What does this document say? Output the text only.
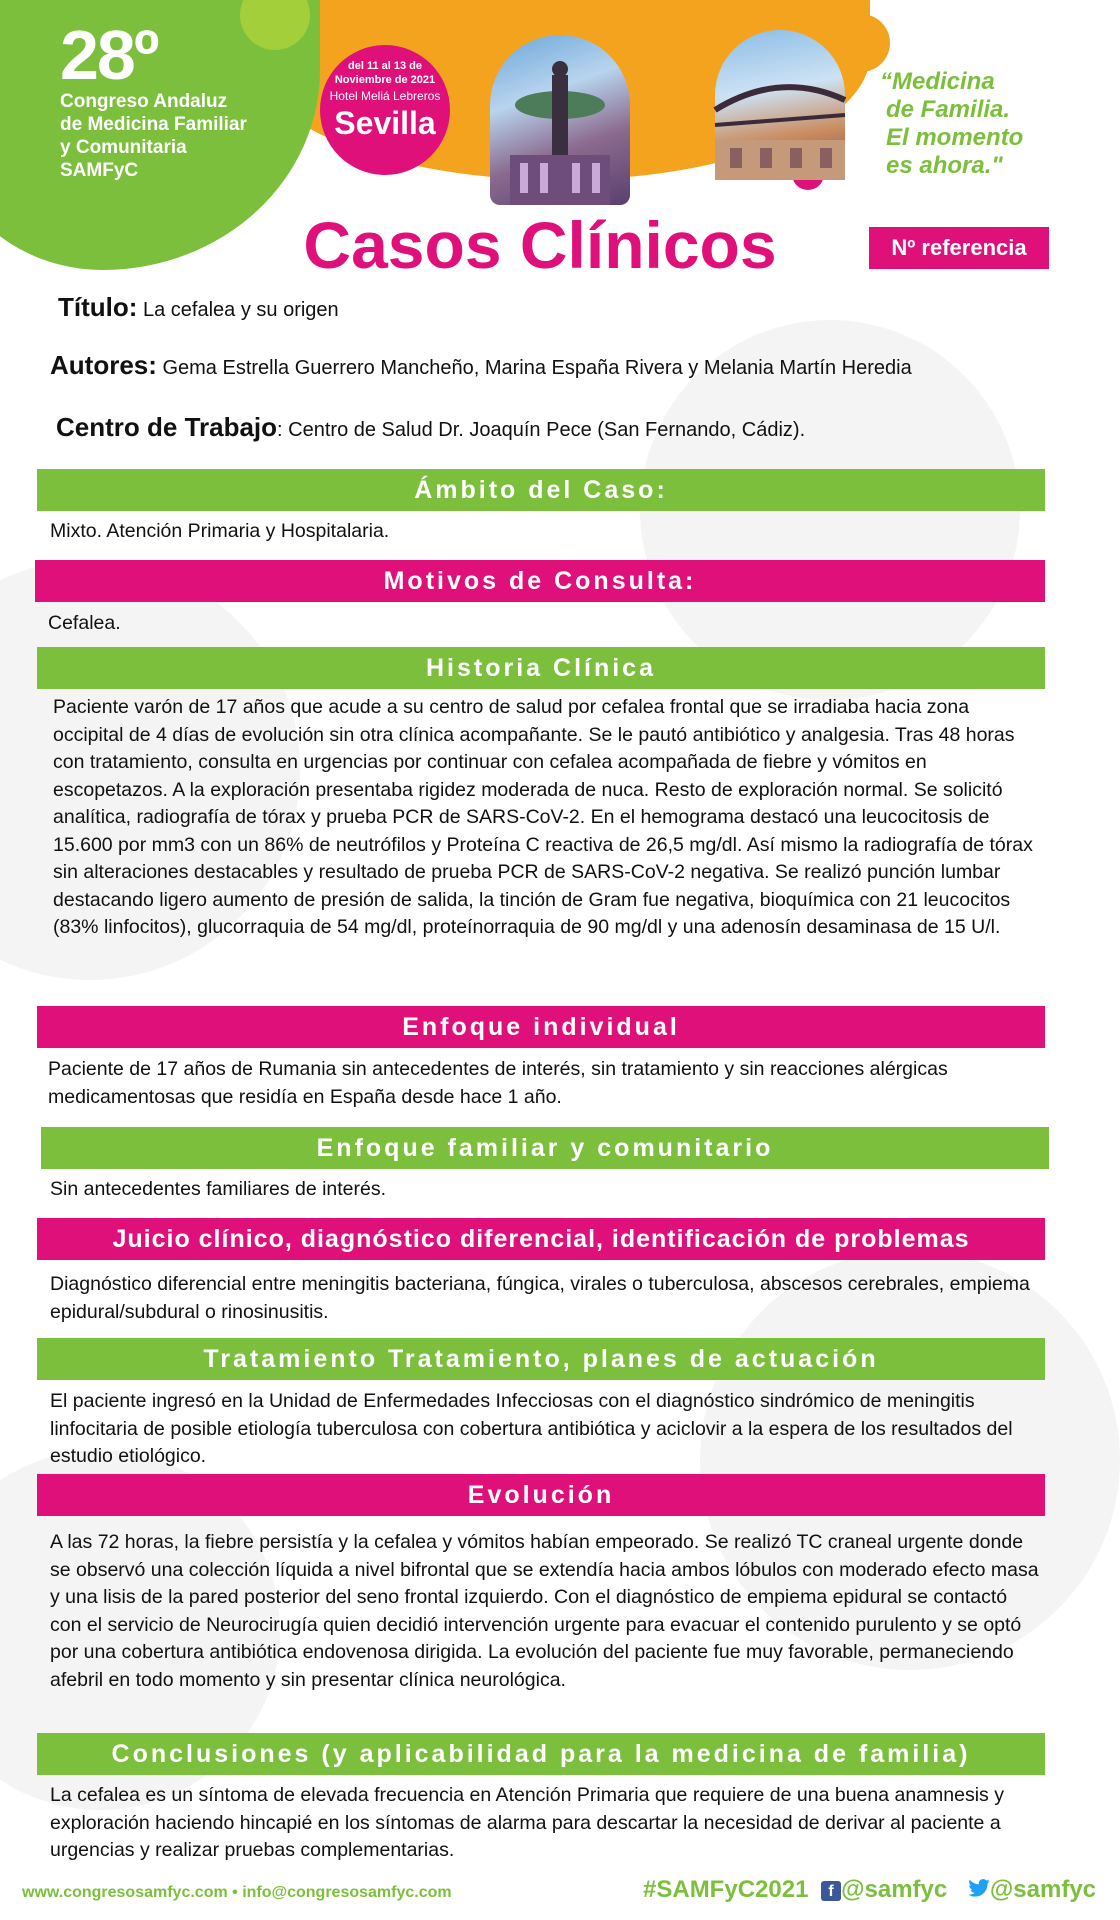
28º
Congreso Andaluz
de Medicina Familiar
y Comunitaria
SAMFyC
del 11 al 13 de
Noviembre de 2021
Hotel Meliá Lebreros
Sevilla
“Medicina
de Familia.
El momento
es ahora."
Casos Clínicos	Nº referencia
Título: La cefalea y su origen
Autores: Gema Estrella Guerrero Mancheño, Marina España Rivera y Melania Martín Heredia
Centro de Trabajo: Centro de Salud Dr. Joaquín Pece (San Fernando, Cádiz).
Ámbito del Caso:
Mixto. Atención Primaria y Hospitalaria.
Motivos de Consulta:
Cefalea.
Historia Clínica
Paciente varón de 17 años que acude a su centro de salud por cefalea frontal que se irradiaba hacia zona occipital de 4 días de evolución sin otra clínica acompañante. Se le pautó antibiótico y analgesia. Tras 48 horas con tratamiento, consulta en urgencias por continuar con cefalea acompañada de fiebre y vómitos en escopetazos. A la exploración presentaba rigidez moderada de nuca. Resto de exploración normal. Se solicitó analítica, radiografía de tórax y prueba PCR de SARS-CoV-2. En el hemograma destacó una leucocitosis de 15.600 por mm3 con un 86% de neutrófilos y Proteína C reactiva de 26,5 mg/dl. Así mismo la radiografía de tórax sin alteraciones destacables y resultado de prueba PCR de SARS-CoV-2 negativa. Se realizó punción lumbar destacando ligero aumento de presión de salida, la tinción de Gram fue negativa, bioquímica con 21 leucocitos (83% linfocitos), glucorraquia de 54 mg/dl, proteínorraquia de 90 mg/dl y una adenosín desaminasa de 15 U/l.
Enfoque individual
Paciente de 17 años de Rumania sin antecedentes de interés, sin tratamiento y sin reacciones alérgicas medicamentosas que residía en España desde hace 1 año.
Enfoque familiar y comunitario
Sin antecedentes familiares de interés.
Juicio clínico, diagnóstico diferencial, identificación de problemas
Diagnóstico diferencial entre meningitis bacteriana, fúngica, virales o tuberculosa, abscesos cerebrales, empiema epidural/subdural o rinosinusitis.
Tratamiento Tratamiento, planes de actuación
El paciente ingresó en la Unidad de Enfermedades Infecciosas con el diagnóstico sindrómico de meningitis linfocitaria de posible etiología tuberculosa con cobertura antibiótica y aciclovir a la espera de los resultados del estudio etiológico.
Evolución
A las 72 horas, la fiebre persistía y la cefalea y vómitos habían empeorado. Se realizó TC craneal urgente donde se observó una colección líquida a nivel bifrontal que se extendía hacia ambos lóbulos con moderado efecto masa y una lisis de la pared posterior del seno frontal izquierdo. Con el diagnóstico de empiema epidural se contactó con el servicio de Neurocirugía quien decidió intervención urgente para evacuar el contenido purulento y se optó por una cobertura antibiótica endovenosa dirigida. La evolución del paciente fue muy favorable, permaneciendo afebril en todo momento y sin presentar clínica neurológica.
Conclusiones (y aplicabilidad para la medicina de familia)
La cefalea es un síntoma de elevada frecuencia en Atención Primaria que requiere de una buena anamnesis y exploración haciendo hincapié en los síntomas de alarma para descartar la necesidad de derivar al paciente a urgencias y realizar pruebas complementarias.
www.congresosamfyc.com • info@congresosamfyc.com	#SAMFyC2021 f @samfyc @samfyc
